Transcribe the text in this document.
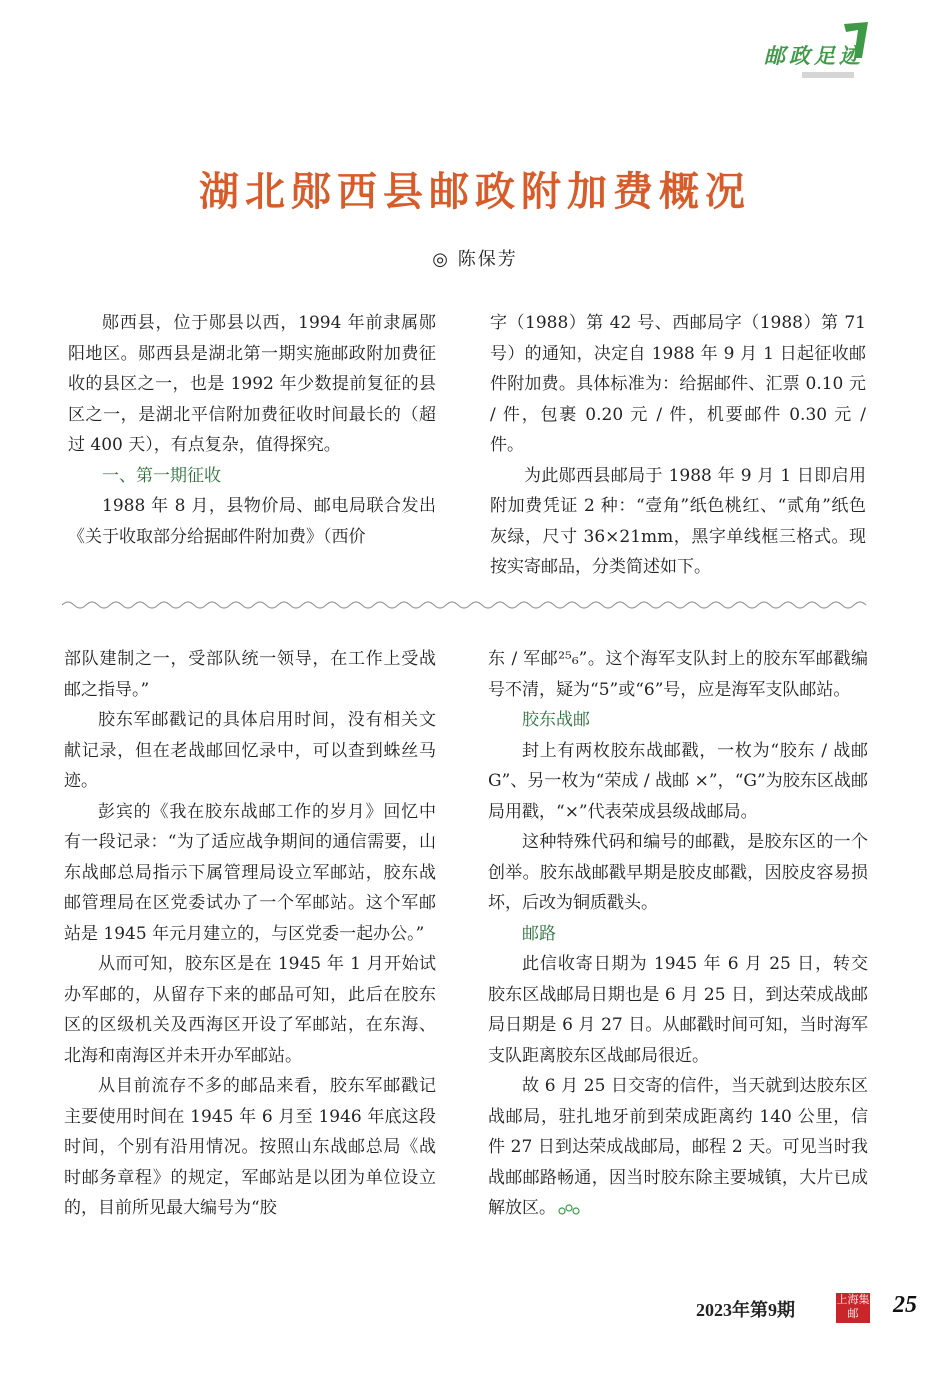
邮政足迹
湖北郧西县邮政附加费概况
◎ 陈保芳

郧西县，位于郧县以西，1994 年前隶属郧阳地区。郧西县是湖北第一期实施邮政附加费征收的县区之一，也是 1992 年少数提前复征的县区之一，是湖北平信附加费征收时间最长的（超过 400 天），有点复杂，值得探究。

一、第一期征收

1988 年 8 月，县物价局、邮电局联合发出《关于收取部分给据邮件附加费》（西价

字（1988）第 42 号、西邮局字（1988）第 71 号）的通知，决定自 1988 年 9 月 1 日起征收邮件附加费。具体标准为：给据邮件、汇票 0.10 元 / 件，包裹 0.20 元 / 件，机要邮件 0.30 元 / 件。

为此郧西县邮局于 1988 年 9 月 1 日即启用附加费凭证 2 种：“壹角”纸色桃红、“贰角”纸色灰绿，尺寸 36×21mm，黑字单线框三格式。现按实寄邮品，分类简述如下。

部队建制之一，受部队统一领导，在工作上受战邮之指导。”

胶东军邮戳记的具体启用时间，没有相关文献记录，但在老战邮回忆录中，可以查到蛛丝马迹。

彭宾的《我在胶东战邮工作的岁月》回忆中有一段记录：“为了适应战争期间的通信需要，山东战邮总局指示下属管理局设立军邮站，胶东战邮管理局在区党委试办了一个军邮站。这个军邮站是 1945 年元月建立的，与区党委一起办公。”

从而可知，胶东区是在 1945 年 1 月开始试办军邮的，从留存下来的邮品可知，此后在胶东区的区级机关及西海区开设了军邮站，在东海、北海和南海区并未开办军邮站。

从目前流存不多的邮品来看，胶东军邮戳记主要使用时间在 1945 年 6 月至 1946 年底这段时间，个别有沿用情况。按照山东战邮总局《战时邮务章程》的规定，军邮站是以团为单位设立的，目前所见最大编号为“胶

东 / 军邮²⁵₆”。这个海军支队封上的胶东军邮戳编号不清，疑为“5”或“6”号，应是海军支队邮站。

胶东战邮

封上有两枚胶东战邮戳，一枚为“胶东 / 战邮 G”、另一枚为“荣成 / 战邮 ×”，“G”为胶东区战邮局用戳，“×”代表荣成县级战邮局。

这种特殊代码和编号的邮戳，是胶东区的一个创举。胶东战邮戳早期是胶皮邮戳，因胶皮容易损坏，后改为铜质戳头。

邮路

此信收寄日期为 1945 年 6 月 25 日，转交胶东区战邮局日期也是 6 月 25 日，到达荣成战邮局日期是 6 月 27 日。从邮戳时间可知，当时海军支队距离胶东区战邮局很近。

故 6 月 25 日交寄的信件，当天就到达胶东区战邮局，驻扎地牙前到荣成距离约 140 公里，信件 27 日到达荣成战邮局，邮程 2 天。可见当时我战邮邮路畅通，因当时胶东除主要城镇，大片已成解放区。

2023年第9期
上海集邮	25
